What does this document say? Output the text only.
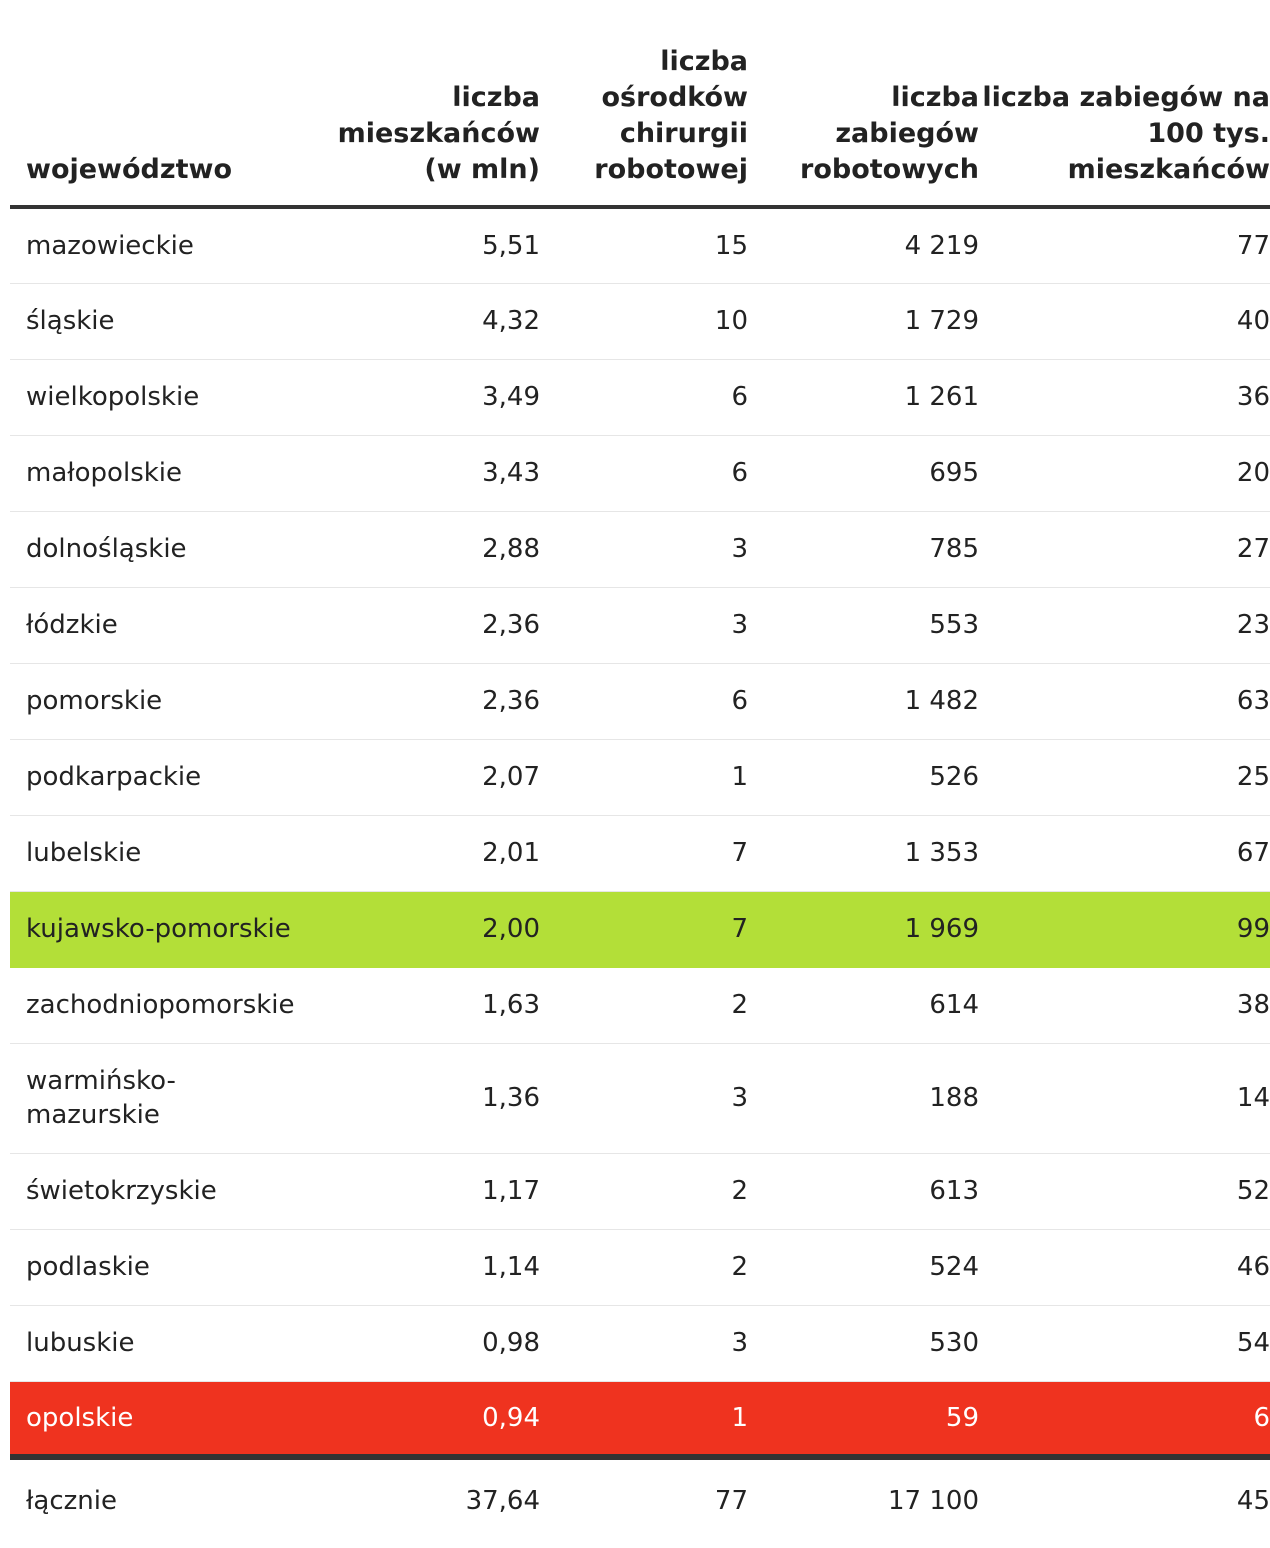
województwo	liczba mieszkańców (w mln)	liczba ośrodków chirurgii robotowej	liczba zabiegów robotowych	liczba zabiegów na 100 tys. mieszkańców
mazowieckie	5,51	15	4 219	77
śląskie	4,32	10	1 729	40
wielkopolskie	3,49	6	1 261	36
małopolskie	3,43	6	695	20
dolnośląskie	2,88	3	785	27
łódzkie	2,36	3	553	23
pomorskie	2,36	6	1 482	63
podkarpackie	2,07	1	526	25
lubelskie	2,01	7	1 353	67
kujawsko-pomorskie	2,00	7	1 969	99
zachodniopomorskie	1,63	2	614	38
warmińsko-mazurskie	1,36	3	188	14
świetokrzyskie	1,17	2	613	52
podlaskie	1,14	2	524	46
lubuskie	0,98	3	530	54
opolskie	0,94	1	59	6
łącznie	37,64	77	17 100	45
